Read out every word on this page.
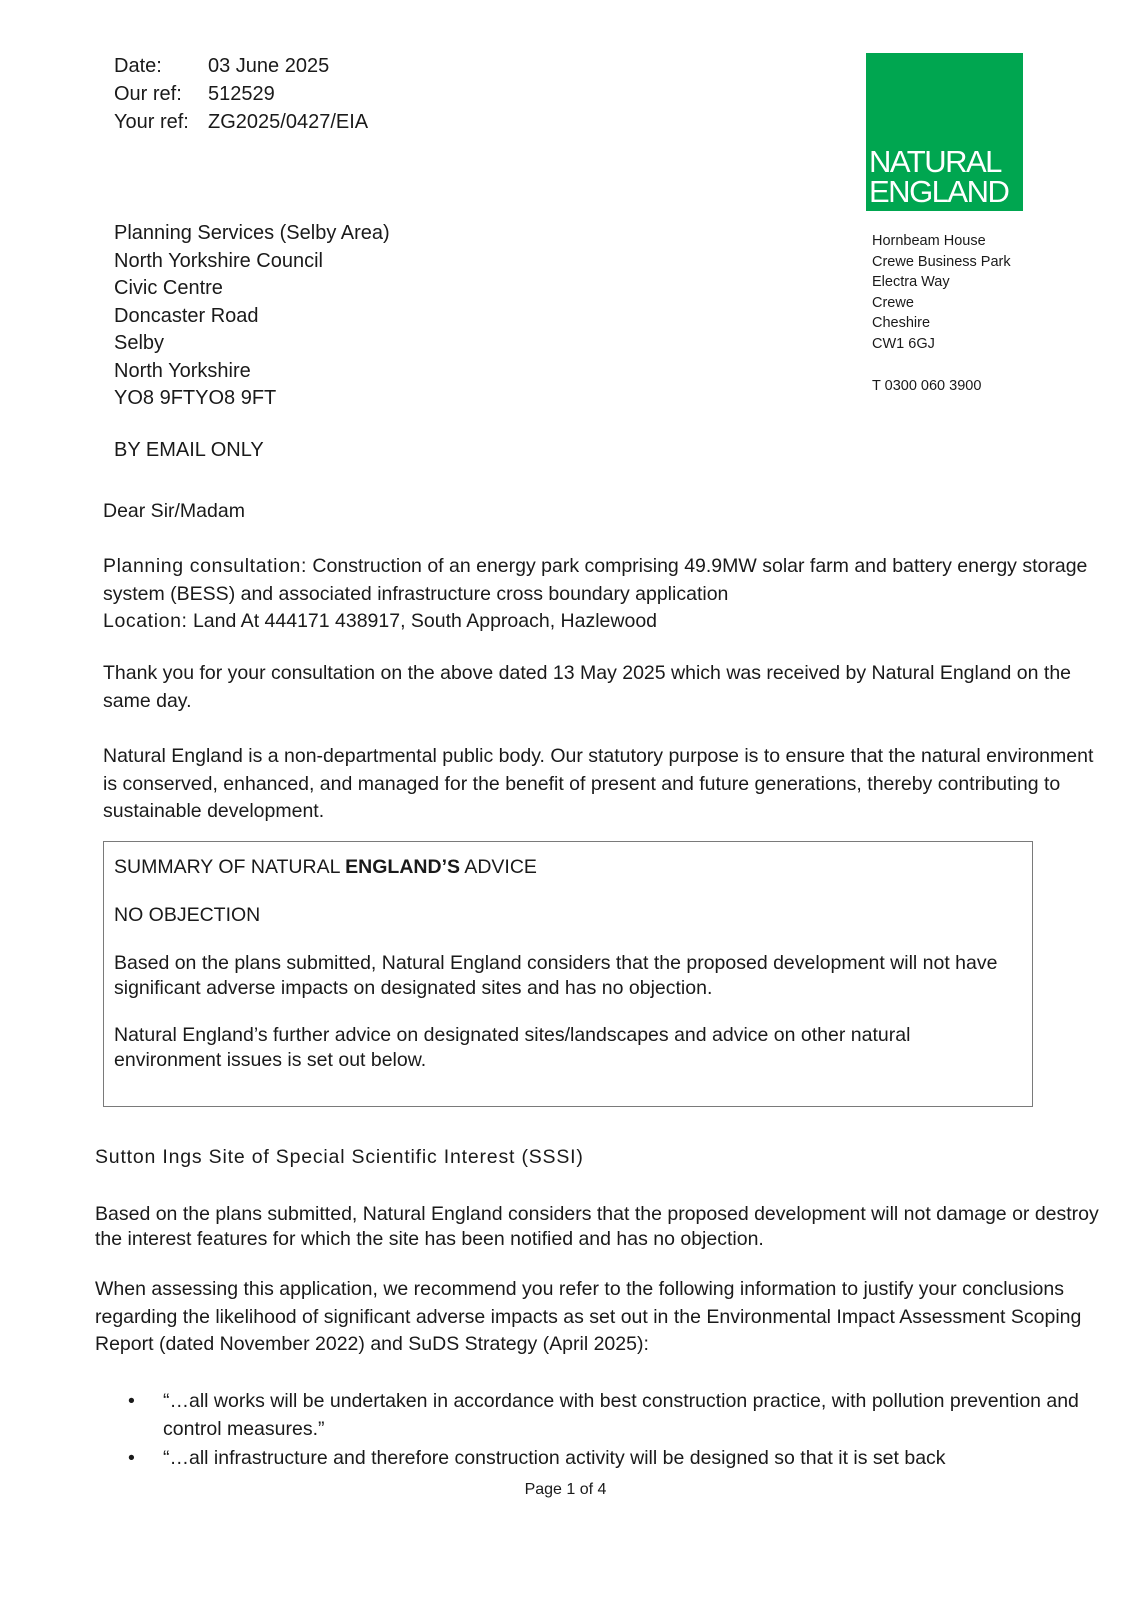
Date:	03 June 2025
Our ref:	512529
Your ref: ZG2025/0427/EIA
NATURAL
ENGLAND
Hornbeam House
Crewe Business Park
Electra Way
Crewe
Cheshire
CW1 6GJ
T 0300 060 3900
Planning Services (Selby Area)
North Yorkshire Council
Civic Centre
Doncaster Road
Selby
North Yorkshire
YO8 9FTYO8 9FT
BY EMAIL ONLY
Dear Sir/Madam
Planning consultation: Construction of an energy park comprising 49.9MW solar farm and battery energy storage system (BESS) and associated infrastructure cross boundary application
Location: Land At 444171 438917, South Approach, Hazlewood
Thank you for your consultation on the above dated 13 May 2025 which was received by Natural England on the same day.
Natural England is a non-departmental public body. Our statutory purpose is to ensure that the natural environment is conserved, enhanced, and managed for the benefit of present and future generations, thereby contributing to sustainable development.

SUMMARY OF NATURAL ENGLAND’S ADVICE

NO OBJECTION

Based on the plans submitted, Natural England considers that the proposed development will not have significant adverse impacts on designated sites and has no objection.

Natural England’s further advice on designated sites/landscapes and advice on other natural environment issues is set out below.

Sutton Ings Site of Special Scientific Interest (SSSI)
Based on the plans submitted, Natural England considers that the proposed development will not damage or destroy the interest features for which the site has been notified and has no objection.
When assessing this application, we recommend you refer to the following information to justify your conclusions regarding the likelihood of significant adverse impacts as set out in the Environmental Impact Assessment Scoping Report (dated November 2022) and SuDS Strategy (April 2025):
• “…all works will be undertaken in accordance with best construction practice, with pollution prevention and control measures.”
• “…all infrastructure and therefore construction activity will be designed so that it is set back
Page 1 of 4
